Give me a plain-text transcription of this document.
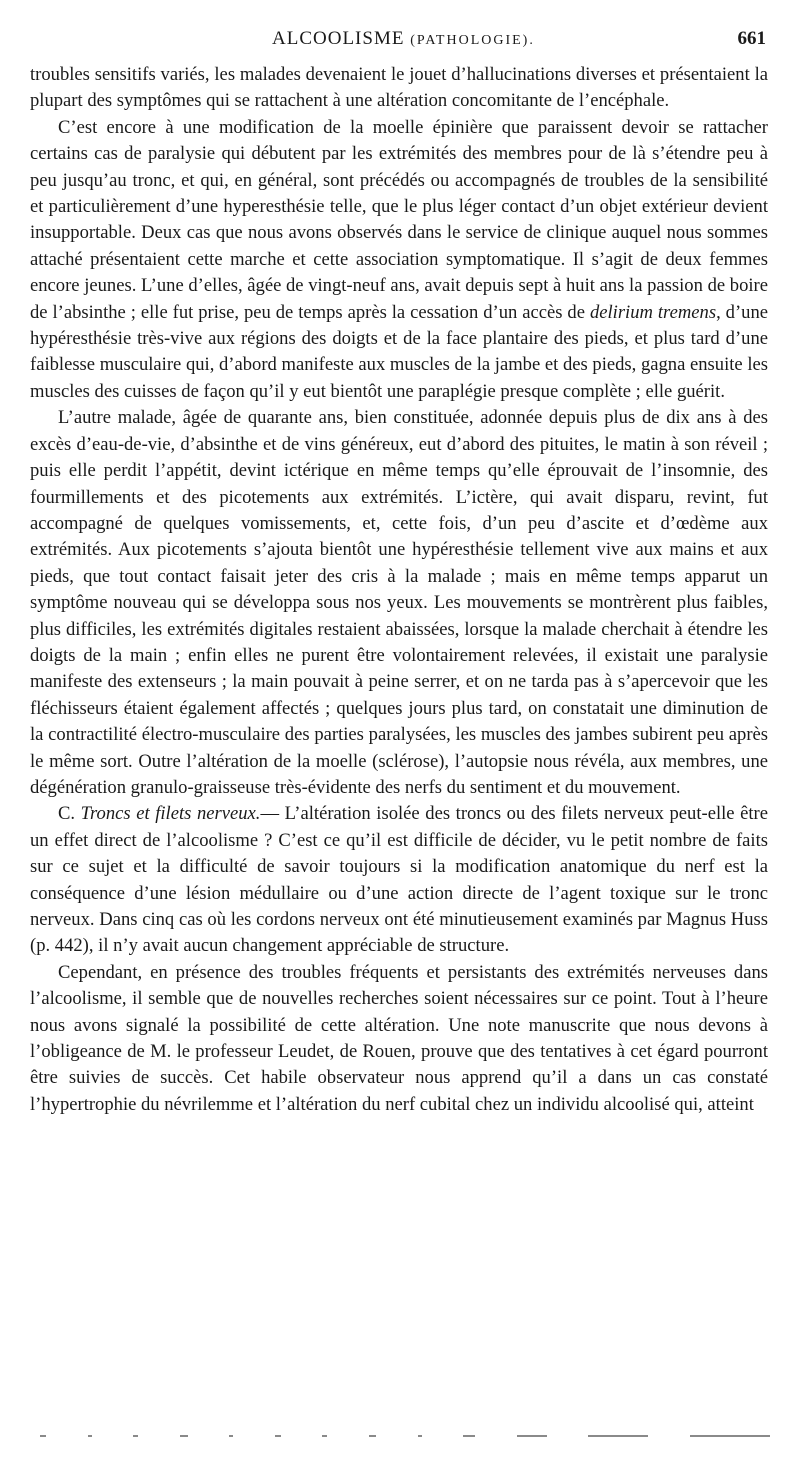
ALCOOLISME (PATHOLOGIE).	661

troubles sensitifs variés, les malades devenaient le jouet d’hallucinations diverses et présentaient la plupart des symptômes qui se rattachent à une altération concomitante de l’encéphale.

C’est encore à une modification de la moelle épinière que paraissent devoir se rattacher certains cas de paralysie qui débutent par les extrémités des membres pour de là s’étendre peu à peu jusqu’au tronc, et qui, en général, sont précédés ou accompagnés de troubles de la sensibilité et particulièrement d’une hyperesthésie telle, que le plus léger contact d’un objet extérieur devient insupportable. Deux cas que nous avons observés dans le service de clinique auquel nous sommes attaché présentaient cette marche et cette association symptomatique. Il s’agit de deux femmes encore jeunes. L’une d’elles, âgée de vingt-neuf ans, avait depuis sept à huit ans la passion de boire de l’absinthe ; elle fut prise, peu de temps après la cessation d’un accès de delirium tremens, d’une hypéresthésie très-vive aux régions des doigts et de la face plantaire des pieds, et plus tard d’une faiblesse musculaire qui, d’abord manifeste aux muscles de la jambe et des pieds, gagna ensuite les muscles des cuisses de façon qu’il y eut bientôt une paraplégie presque complète ; elle guérit.

L’autre malade, âgée de quarante ans, bien constituée, adonnée depuis plus de dix ans à des excès d’eau-de-vie, d’absinthe et de vins généreux, eut d’abord des pituites, le matin à son réveil ; puis elle perdit l’appétit, devint ictérique en même temps qu’elle éprouvait de l’insomnie, des fourmillements et des picotements aux extrémités. L’ictère, qui avait disparu, revint, fut accompagné de quelques vomissements, et, cette fois, d’un peu d’ascite et d’œdème aux extrémités. Aux picotements s’ajouta bientôt une hypéresthésie tellement vive aux mains et aux pieds, que tout contact faisait jeter des cris à la malade ; mais en même temps apparut un symptôme nouveau qui se développa sous nos yeux. Les mouvements se montrèrent plus faibles, plus difficiles, les extrémités digitales restaient abaissées, lorsque la malade cherchait à étendre les doigts de la main ; enfin elles ne purent être volontairement relevées, il existait une paralysie manifeste des extenseurs ; la main pouvait à peine serrer, et on ne tarda pas à s’apercevoir que les fléchisseurs étaient également affectés ; quelques jours plus tard, on constatait une diminution de la contractilité électro-musculaire des parties paralysées, les muscles des jambes subirent peu après le même sort. Outre l’altération de la moelle (sclérose), l’autopsie nous révéla, aux membres, une dégénération granulo-graisseuse très-évidente des nerfs du sentiment et du mouvement.

C. Troncs et filets nerveux.— L’altération isolée des troncs ou des filets nerveux peut-elle être un effet direct de l’alcoolisme ? C’est ce qu’il est difficile de décider, vu le petit nombre de faits sur ce sujet et la difficulté de savoir toujours si la modification anatomique du nerf est la conséquence d’une lésion médullaire ou d’une action directe de l’agent toxique sur le tronc nerveux. Dans cinq cas où les cordons nerveux ont été minutieusement examinés par Magnus Huss (p. 442), il n’y avait aucun changement appréciable de structure.

Cependant, en présence des troubles fréquents et persistants des extrémités nerveuses dans l’alcoolisme, il semble que de nouvelles recherches soient nécessaires sur ce point. Tout à l’heure nous avons signalé la possibilité de cette altération. Une note manuscrite que nous devons à l’obligeance de M. le professeur Leudet, de Rouen, prouve que des tentatives à cet égard pourront être suivies de succès. Cet habile observateur nous apprend qu’il a dans un cas constaté l’hypertrophie du névrilemme et l’altération du nerf cubital chez un individu alcoolisé qui, atteint
